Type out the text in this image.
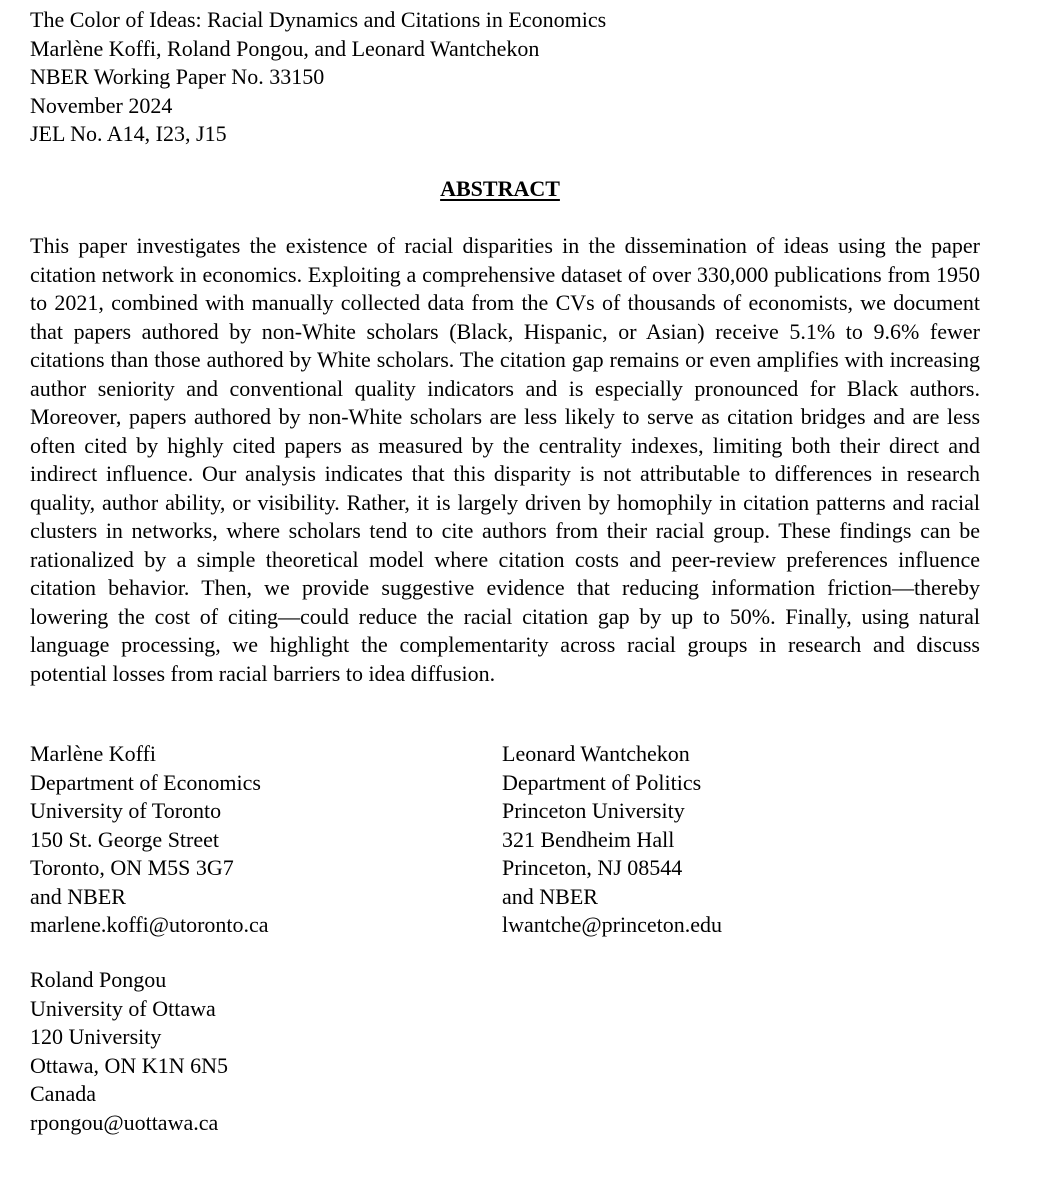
The Color of Ideas: Racial Dynamics and Citations in Economics
Marlène Koffi, Roland Pongou, and Leonard Wantchekon
NBER Working Paper No. 33150
November 2024
JEL No. A14, I23, J15
ABSTRACT

This paper investigates the existence of racial disparities in the dissemination of ideas using the paper citation network in economics. Exploiting a comprehensive dataset of over 330,000 publications from 1950 to 2021, combined with manually collected data from the CVs of thousands of economists, we document that papers authored by non-White scholars (Black, Hispanic, or Asian) receive 5.1% to 9.6% fewer citations than those authored by White scholars. The citation gap remains or even amplifies with increasing author seniority and conventional quality indicators and is especially pronounced for Black authors. Moreover, papers authored by non-White scholars are less likely to serve as citation bridges and are less often cited by highly cited papers as measured by the centrality indexes, limiting both their direct and indirect influence. Our analysis indicates that this disparity is not attributable to differences in research quality, author ability, or visibility. Rather, it is largely driven by homophily in citation patterns and racial clusters in networks, where scholars tend to cite authors from their racial group. These findings can be rationalized by a simple theoretical model where citation costs and peer-review preferences influence citation behavior. Then, we provide suggestive evidence that reducing information friction—thereby lowering the cost of citing—could reduce the racial citation gap by up to 50%. Finally, using natural language processing, we highlight the complementarity across racial groups in research and discuss potential losses from racial barriers to idea diffusion.

Marlène Koffi
Department of Economics
University of Toronto
150 St. George Street
Toronto, ON M5S 3G7
and NBER
marlene.koffi@utoronto.ca
Leonard Wantchekon
Department of Politics
Princeton University
321 Bendheim Hall
Princeton, NJ 08544
and NBER
lwantche@princeton.edu
Roland Pongou
University of Ottawa
120 University
Ottawa, ON K1N 6N5
Canada
rpongou@uottawa.ca
